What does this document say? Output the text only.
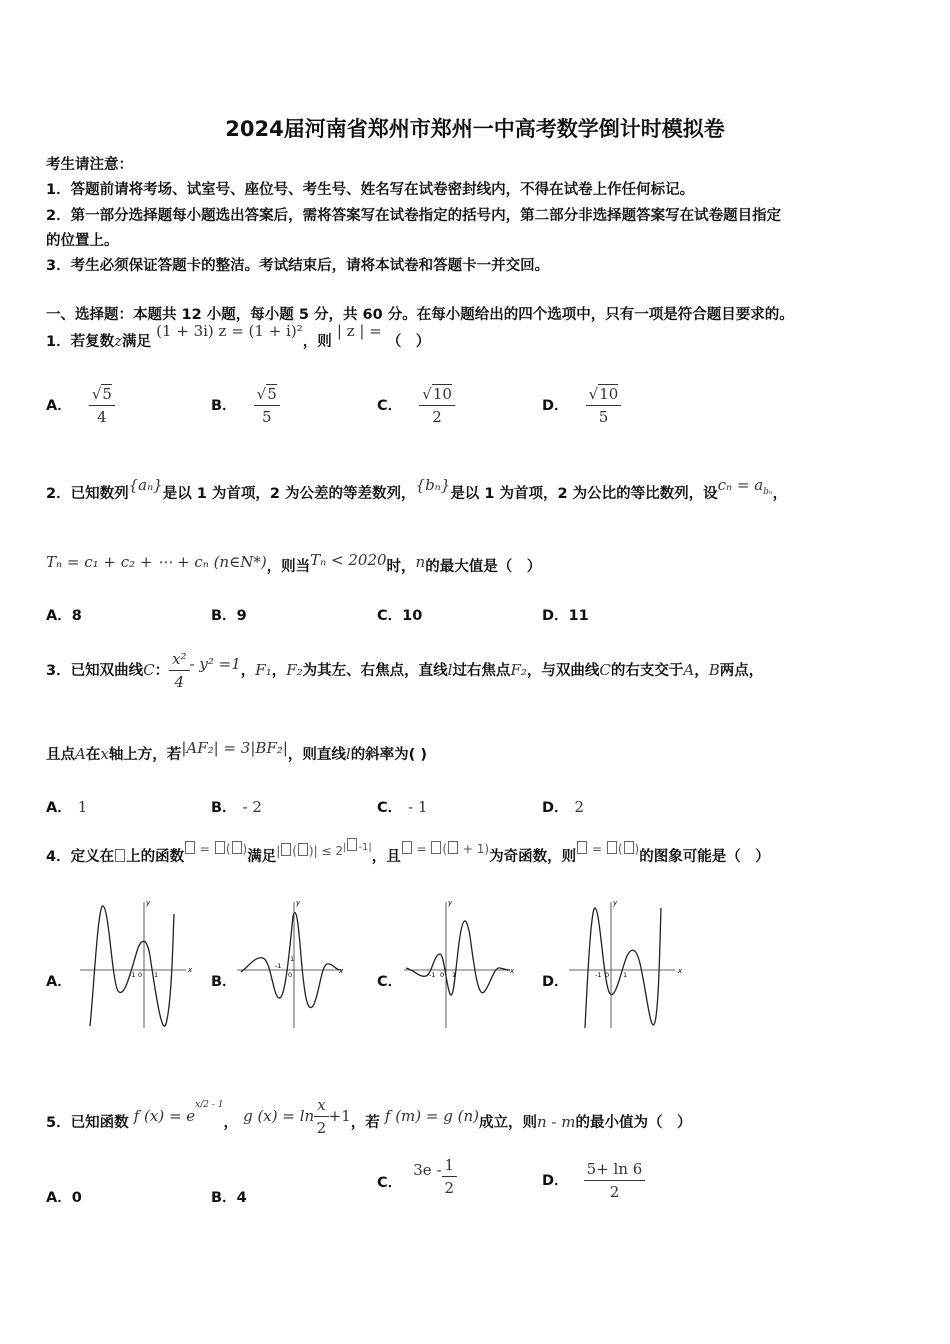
2024届河南省郑州市郑州一中高考数学倒计时模拟卷
考生请注意：
1．答题前请将考场、试室号、座位号、考生号、姓名写在试卷密封线内，不得在试卷上作任何标记。
2．第一部分选择题每小题选出答案后，需将答案写在试卷指定的括号内，第二部分非选择题答案写在试卷题目指定
的位置上。
3．考生必须保证答题卡的整洁。考试结束后，请将本试卷和答题卡一并交回。
一、选择题：本题共 12 小题，每小题 5 分，共 60 分。在每小题给出的四个选项中，只有一项是符合题目要求的。
1．若复数z满足 (1 + 3i) z = (1 + i)²，则 | z | = （　）
A． $\frac{√5}{4}$	B． $\frac{√5}{5}$	C． $\frac{√10}{2}$	D． $\frac{√10}{5}$
2．已知数列{aₙ}是以 1 为首项，2 为公差的等差数列，{bₙ}是以 1 为首项，2 为公比的等比数列，设$c_n = a^{b_n}$，
Tₙ = c₁ + c₂ + ⋯ + cₙ (n∈N*)，则当Tₙ < 2020时，n的最大值是（　）
A．8	B．9	C．10	D．11
3．已知双曲线C： $\frac{\text{x²}}{4} - y^2 =1$，F₁，F₂为其左、右焦点，直线l过右焦点F₂，与双曲线C的右支交于A，B两点，
且点A在x轴上方，若|AF₂| = 3|BF₂|，则直线l的斜率为( )
A． 1	B． - 2	C． - 1	D． 2
4．定义在 上的函数 = ( )满足$^{| ( )| \le 2^{| -1|}}$，且 $^{= ( + 1)}$为奇函数，则 = ( )的图象可能是（　）
A．	B．	C．	D．
x
y
-1 0 1	x
y
-1
0
1
x
y
-1 0 1	x
y
-1 0 1
5．已知函数 f $(x) = e^{x/2 - 1}$， g $(x) = \ln \frac{x}{2} +1$，若 f (m) = g (n)成立，则n - m的最小值为（　）
A．0	B．4
C． $3e - \frac{1}{2}$	D． $\frac{5+ \ln 6}{2}$
